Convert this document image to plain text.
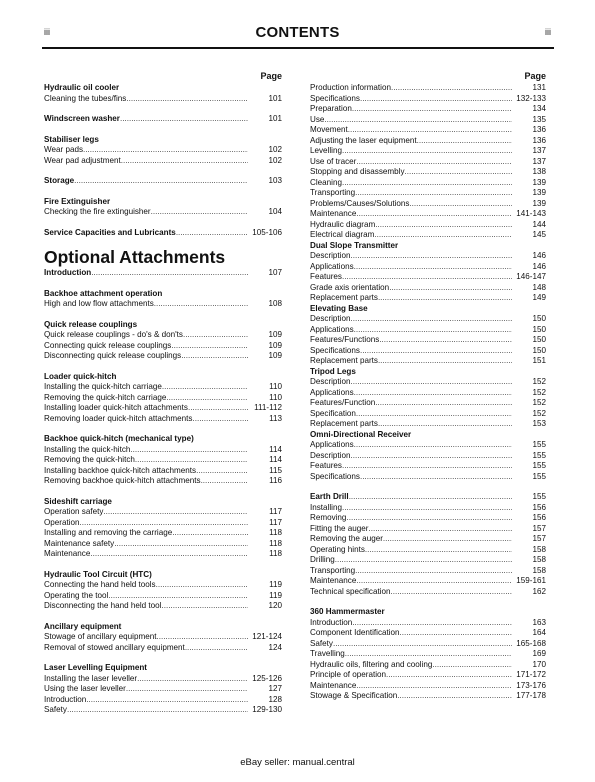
iii	CONTENTS	iii
Page
Hydraulic oil cooler
Cleaning the tubes/fins .....	101
Windscreen washer .....	101
Stabiliser legs
Wear pads .....	102
Wear pad adjustment .....	102
Storage .....	103
Fire Extinguisher
Checking the fire extinguisher .....	104
Service Capacities and Lubricants .....	105-106
Optional Attachments
Introduction .....	107
Backhoe attachment operation
High and low flow attachments .....	108
Quick release couplings
Quick release couplings - do's & don'ts .....	109
Connecting quick release couplings .....	109
Disconnecting quick release couplings .....	109
Loader quick-hitch
Installing the quick-hitch carriage .....	110
Removing the quick-hitch carriage .....	110
Installing loader quick-hitch attachments .....	111-112
Removing loader quick-hitch attachments .....	113
Backhoe quick-hitch (mechanical type)
Installing the quick-hitch .....	114
Removing the quick-hitch .....	114
Installing backhoe quick-hitch attachments .....	115
Removing backhoe quick-hitch attachments .....	116
Sideshift carriage
Operation safety .....	117
Operation .....	117
Installing and removing the carriage .....	118
Maintenance safety .....	118
Maintenance .....	118
Hydraulic Tool Circuit (HTC)
Connecting the hand held tools .....	119
Operating the tool .....	119
Disconnecting the hand held tool .....	120
Ancillary equipment
Stowage of ancillary equipment .....	121-124
Removal of stowed ancillary equipment .....	124
Laser Levelling Equipment
Installing the laser leveller .....	125-126
Using the laser leveller .....	127
Introduction .....	128
Safety .....	129-130
Page
Production information .....	131
Specifications .....	132-133
Preparation .....	134
Use .....	135
Movement .....	136
Adjusting the laser equipment .....	136
Levelling .....	137
Use of tracer .....	137
Stopping and disassembly .....	138
Cleaning .....	139
Transporting .....	139
Problems/Causes/Solutions .....	139
Maintenance .....	141-143
Hydraulic diagram .....	144
Electrical diagram .....	145
Dual Slope Transmitter
Description .....	146
Applications .....	146
Features .....	146-147
Grade axis orientation .....	148
Replacement parts .....	149
Elevating Base
Description .....	150
Applications .....	150
Features/Functions .....	150
Specifications .....	150
Replacement parts .....	151
Tripod Legs
Description .....	152
Applications .....	152
Features/Function .....	152
Specification .....	152
Replacement parts .....	153
Omni-Directional Receiver
Applications .....	155
Description .....	155
Features .....	155
Specifications .....	155
Earth Drill .....	155
Installing .....	156
Removing .....	156
Fitting the auger .....	157
Removing the auger .....	157
Operating hints .....	158
Drilling .....	158
Transporting .....	158
Maintenance .....	159-161
Technical specification .....	162
360 Hammermaster
Introduction .....	163
Component Identification .....	164
Safety .....	165-168
Travelling .....	169
Hydraulic oils, filtering and cooling .....	170
Principle of operation .....	171-172
Maintenance .....	173-176
Stowage & Specification .....	177-178
eBay seller: manual.central
